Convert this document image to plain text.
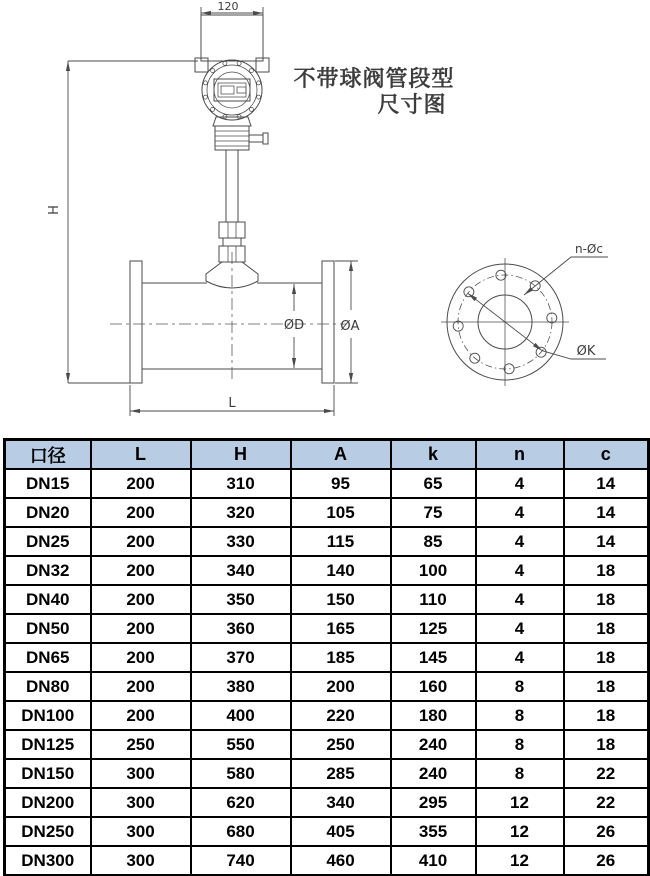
120
H
ØD	ØA
L
ØK
n-Øc
不带球阀管段型
尺寸图
口径	L	H	A	k	n	c
DN15	200	310	95	65	4	14
DN20	200	320	105	75	4	14
DN25	200	330	115	85	4	14
DN32	200	340	140	100	4	18
DN40	200	350	150	110	4	18
DN50	200	360	165	125	4	18
DN65	200	370	185	145	4	18
DN80	200	380	200	160	8	18
DN100	200	400	220	180	8	18
DN125	250	550	250	240	8	18
DN150	300	580	285	240	8	22
DN200	300	620	340	295	12	22
DN250	300	680	405	355	12	26
DN300	300	740	460	410	12	26
